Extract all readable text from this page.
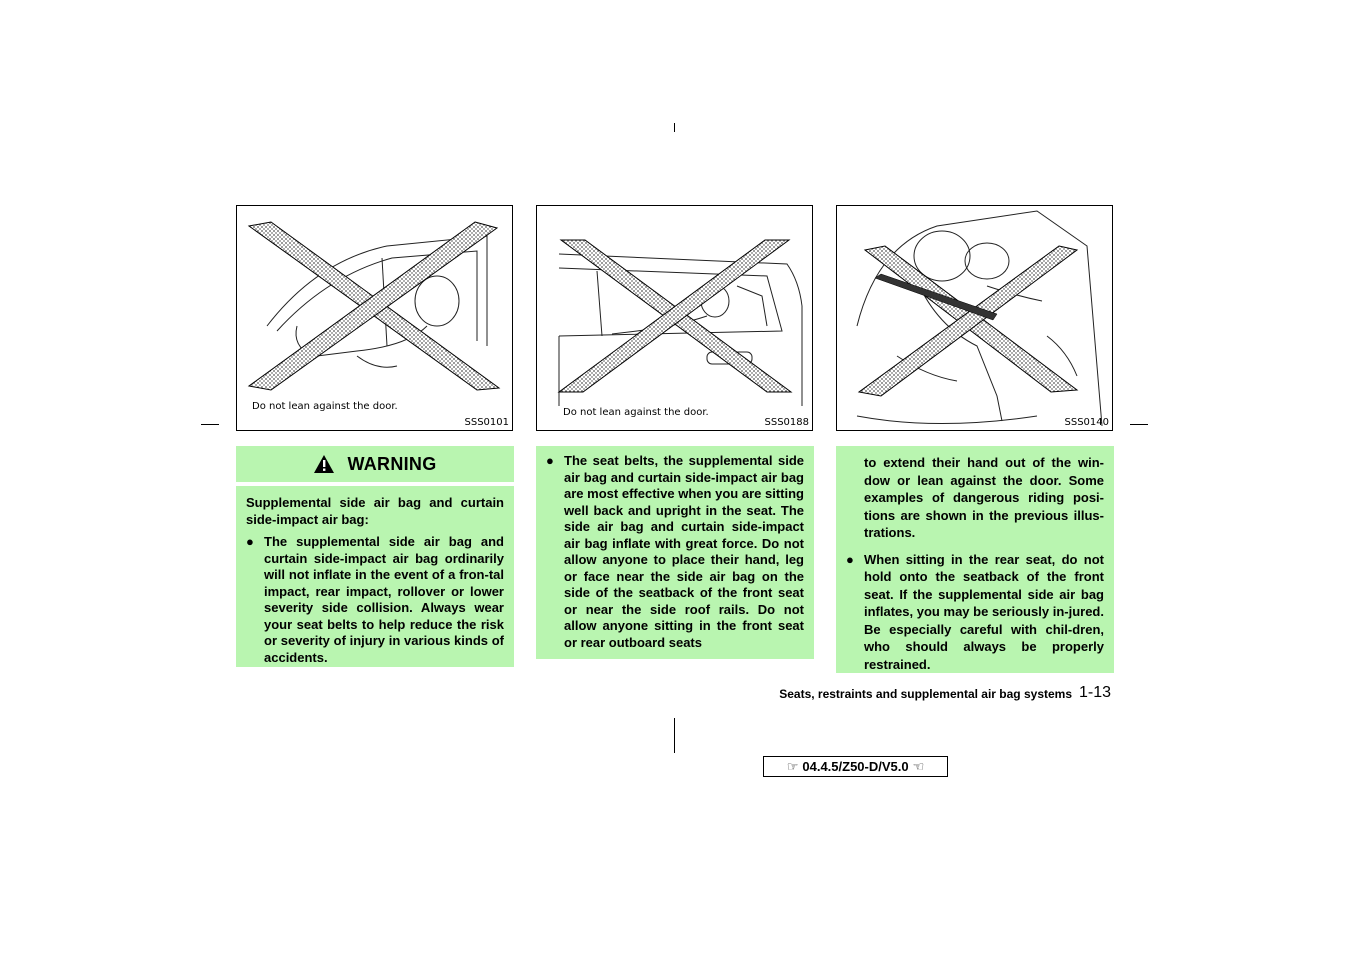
Do not lean against the door.
SSS0101
Do not lean against the door.
SSS0188	SSS0140
WARNING
Supplemental side air bag and curtain side-impact air bag:
● The supplemental side air bag and curtain side-impact air bag ordinarily will not inflate in the event of a fron-tal impact, rear impact, rollover or lower severity side collision. Always wear your seat belts to help reduce the risk or severity of injury in various kinds of accidents.
● The seat belts, the supplemental side air bag and curtain side-impact air bag are most effective when you are sitting well back and upright in the seat. The side air bag and curtain side-impact air bag inflate with great force. Do not allow anyone to place their hand, leg or face near the side air bag on the side of the seatback of the front seat or near the side roof rails. Do not allow anyone sitting in the front seat or rear outboard seats
to extend their hand out of the win-dow or lean against the door. Some examples of dangerous riding posi-tions are shown in the previous illus-trations.
● When sitting in the rear seat, do not hold onto the seatback of the front seat. If the supplemental side air bag inflates, you may be seriously in-jured. Be especially careful with chil-dren, who should always be properly restrained.
Seats, restraints and supplemental air bag systems 1-13
☞ 04.4.5/Z50-D/V5.0 ☜
